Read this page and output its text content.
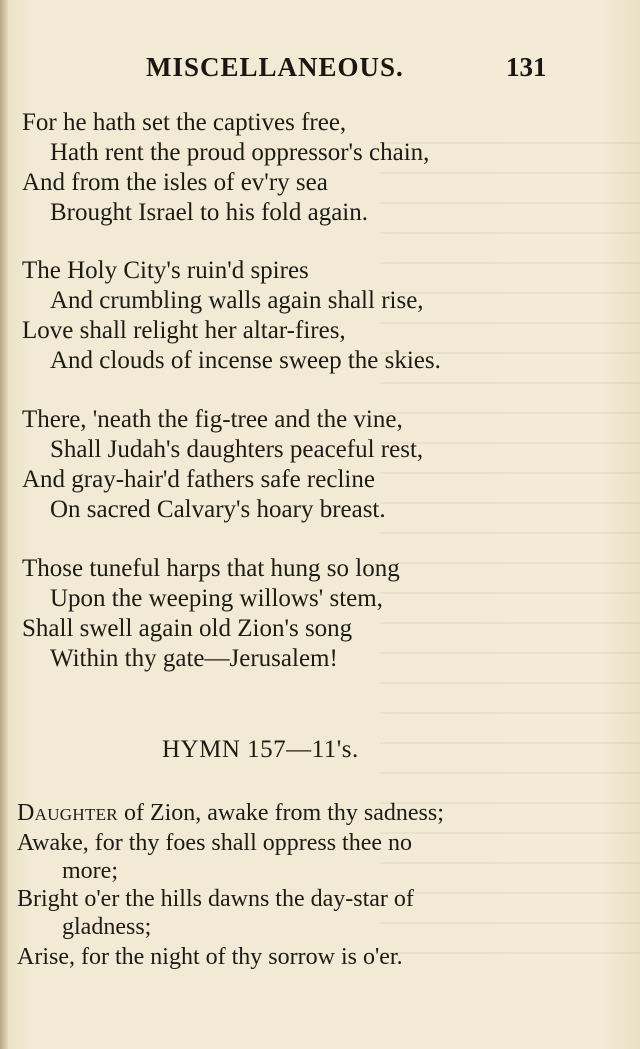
MISCELLANEOUS.	131
For he hath set the captives free,
Hath rent the proud oppressor's chain,
And from the isles of ev'ry sea
Brought Israel to his fold again.
The Holy City's ruin'd spires
And crumbling walls again shall rise,
Love shall relight her altar-fires,
And clouds of incense sweep the skies.
There, 'neath the fig-tree and the vine,
Shall Judah's daughters peaceful rest,
And gray-hair'd fathers safe recline
On sacred Calvary's hoary breast.
Those tuneful harps that hung so long
Upon the weeping willows' stem,
Shall swell again old Zion's song
Within thy gate—Jerusalem!
HYMN 157—11's.
Daughter of Zion, awake from thy sadness;
Awake, for thy foes shall oppress thee no
more;
Bright o'er the hills dawns the day-star of
gladness;
Arise, for the night of thy sorrow is o'er.
